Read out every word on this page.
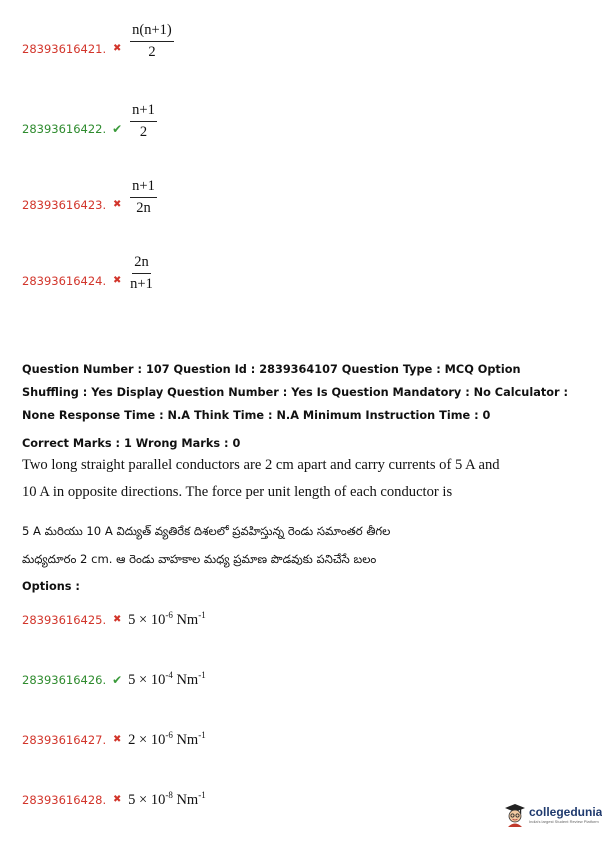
28393616421. ✖ $\frac{n(n+1)}{2}$
28393616422. ✔ $\frac{n+1}{2}$
28393616423. ✖ $\frac{n+1}{2n}$
28393616424. ✖ $\frac{2n}{n+1}$
Question Number : 107 Question Id : 2839364107 Question Type : MCQ Option Shuffling : Yes Display Question Number : Yes Is Question Mandatory : No Calculator : None Response Time : N.A Think Time : N.A Minimum Instruction Time : 0
Correct Marks : 1 Wrong Marks : 0
Two long straight parallel conductors are 2 cm apart and carry currents of 5 A and
10 A in opposite directions. The force per unit length of each conductor is
5 A మరియు 10 A విద్యుత్ వ్యతిరేక దిశలలో ప్రవహిస్తున్న రెండు సమాంతర తీగల
మధ్యదూరం 2 cm. ఆ రెండు వాహకాల మధ్య ప్రమాణ పొడవుకు పనిచేసే బలం
Options :
28393616425. ✖ $5 \times 10^{-6}$ $Nm^{-1}$
28393616426. ✔ $5 \times 10^{-4}$ $Nm^{-1}$
28393616427. ✖ $2 \times 10^{-6}$ $Nm^{-1}$
28393616428. ✖ $5 \times 10^{-8}$ $Nm^{-1}$
collegedunia
India's largest Student Review Platform
